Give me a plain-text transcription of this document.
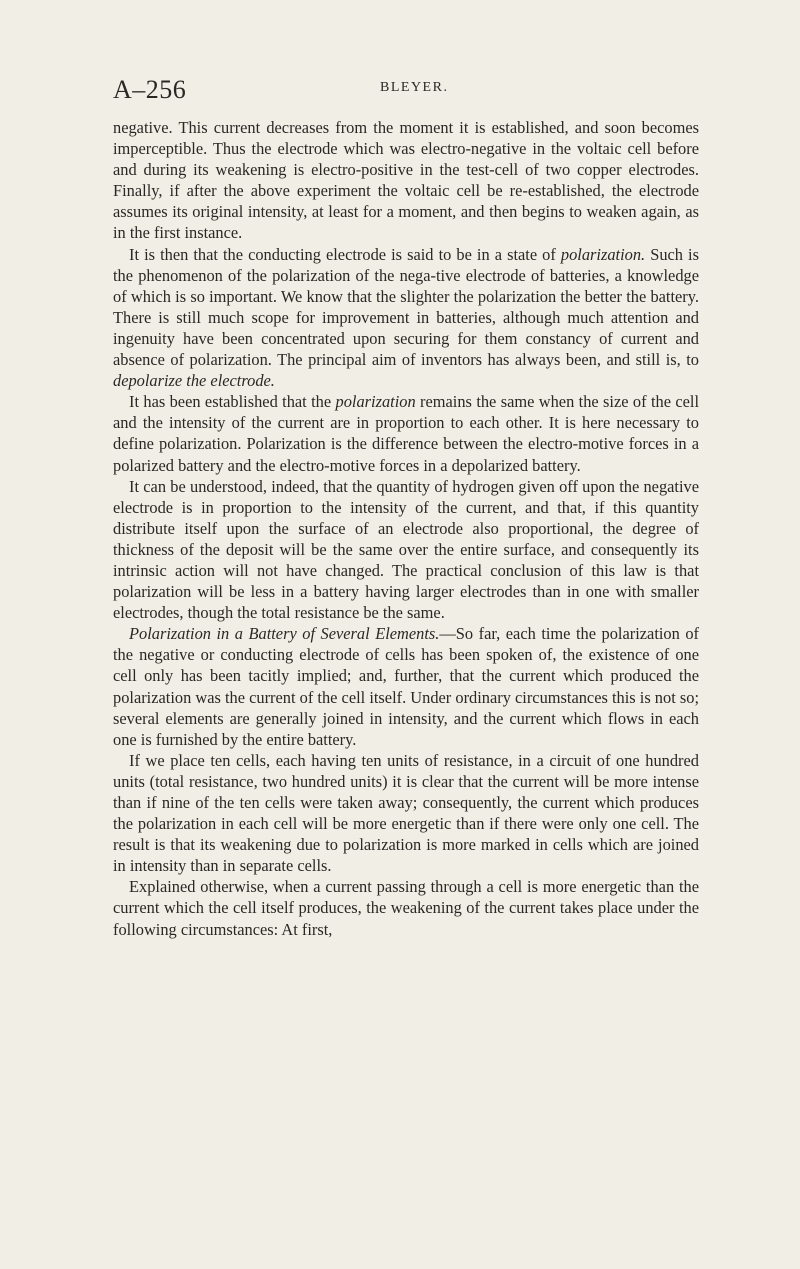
A–256	BLEYER.

negative. This current decreases from the moment it is established, and soon becomes imperceptible. Thus the electrode which was electro-negative in the voltaic cell before and during its weakening is electro-positive in the test-cell of two copper electrodes. Finally, if after the above experiment the voltaic cell be re-established, the electrode assumes its original intensity, at least for a moment, and then begins to weaken again, as in the first instance.

It is then that the conducting electrode is said to be in a state of polarization. Such is the phenomenon of the polarization of the nega-tive electrode of batteries, a knowledge of which is so important. We know that the slighter the polarization the better the battery. There is still much scope for improvement in batteries, although much attention and ingenuity have been concentrated upon securing for them constancy of current and absence of polarization. The principal aim of inventors has always been, and still is, to depolarize the electrode.

It has been established that the polarization remains the same when the size of the cell and the intensity of the current are in proportion to each other. It is here necessary to define polarization. Polarization is the difference between the electro-motive forces in a polarized battery and the electro-motive forces in a depolarized battery.

It can be understood, indeed, that the quantity of hydrogen given off upon the negative electrode is in proportion to the intensity of the current, and that, if this quantity distribute itself upon the surface of an electrode also proportional, the degree of thickness of the deposit will be the same over the entire surface, and consequently its intrinsic action will not have changed. The practical conclusion of this law is that polarization will be less in a battery having larger electrodes than in one with smaller electrodes, though the total resistance be the same.

Polarization in a Battery of Several Elements.—So far, each time the polarization of the negative or conducting electrode of cells has been spoken of, the existence of one cell only has been tacitly implied; and, further, that the current which produced the polarization was the current of the cell itself. Under ordinary circumstances this is not so; several elements are generally joined in intensity, and the current which flows in each one is furnished by the entire battery.

If we place ten cells, each having ten units of resistance, in a circuit of one hundred units (total resistance, two hundred units) it is clear that the current will be more intense than if nine of the ten cells were taken away; consequently, the current which produces the polarization in each cell will be more energetic than if there were only one cell. The result is that its weakening due to polarization is more marked in cells which are joined in intensity than in separate cells.

Explained otherwise, when a current passing through a cell is more energetic than the current which the cell itself produces, the weakening of the current takes place under the following circumstances: At first,
